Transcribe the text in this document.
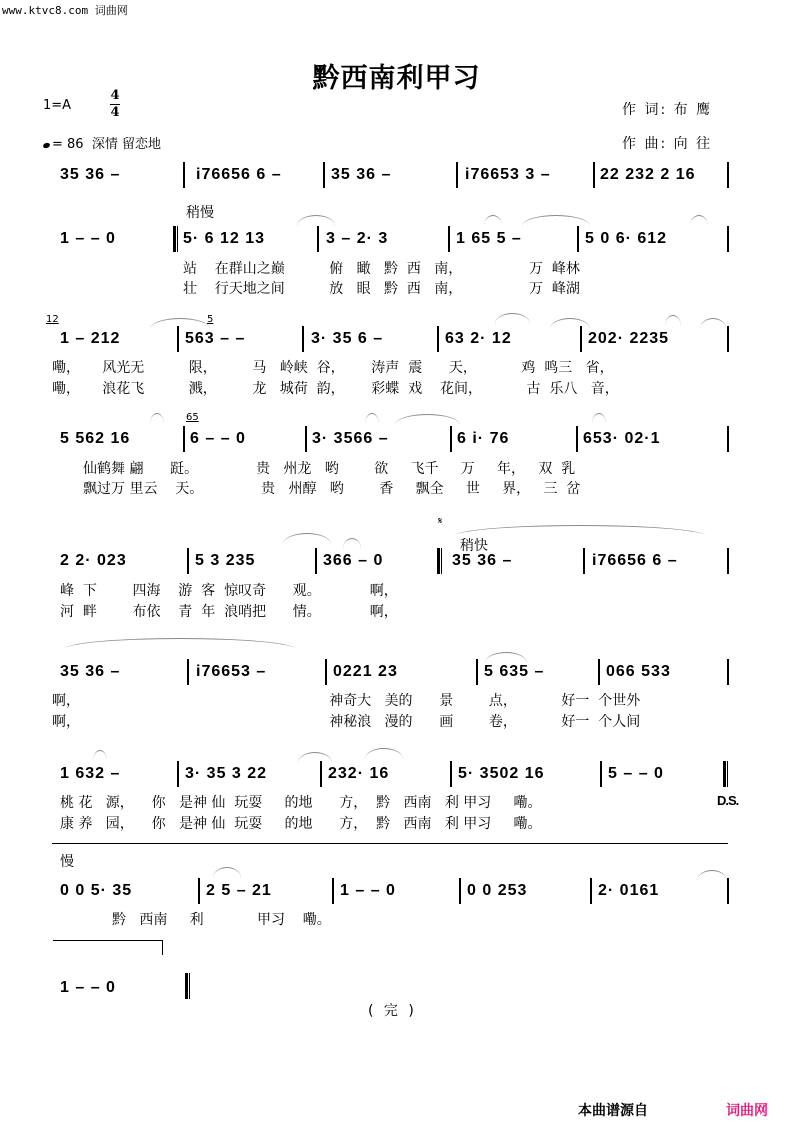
www.ktvc8.com 词曲网
黔西南利甲习
1=A
4
4
= 86 深情 留恋地
作 词: 布 鹰
作 曲: 向 往
35 36 –	i76656 6 –	35 36 –	i76653 3 –	22 232 2 16
稍慢
1 – – 0	5· 6 12 13	3 – 2· 3	1 65 5 –	5 0 6· 612
站    在群山之巅          俯   瞰   黔  西   南，               万  峰林
壮    行天地之间          放   眼   黔  西   南，               万  峰湖
12	5
1 – 212	563 – –	3· 35 6 –	63 2· 12	202· 2235
嘞，     风光无          限，        马   岭峡  谷，      涛声  震      天，          鸡  鸣三   省，
嘞，     浪花飞          溅，        龙   城荷  韵，      彩蝶  戏    花间，          古  乐八   音，
65
5 562 16	6 – – 0	3· 3566 –	6 i· 76	653· 02·1
仙鹤舞 翩      跹。             贵   州龙   哟        欲     飞千     万     年，   双  乳
飘过万 里云    天。             贵   州醇   哟        香     飘全     世     界，   三  岔
𝄋
稍快
2 2· 023	5 3 235	366 – 0	35 36 –	i76656 6 –
峰  下        四海    游  客  惊叹奇      观。           啊，
河  畔        布依    青  年  浪哨把      情。           啊，
35 36 –	i76653 –	0221 23	5 635 –	066 533
啊，                                                        神奇大   美的      景        点，          好一  个世外
啊，                                                        神秘浪   漫的      画        卷，          好一  个人间
1 632 –	3· 35 3 22	232· 16	5· 3502 16	5 – – 0
D.S.
桃 花   源，    你   是神 仙  玩耍     的地      方，  黔   西南   利 甲习     嘞。
康 养   园，    你   是神 仙  玩耍     的地      方，  黔   西南   利 甲习     嘞。
慢
0 0 5· 35	2 5 – 21	1 – – 0	0 0 253	2· 0161
黔   西南     利            甲习    嘞。
1 – – 0
( 完 )
本曲谱源自	词曲网
